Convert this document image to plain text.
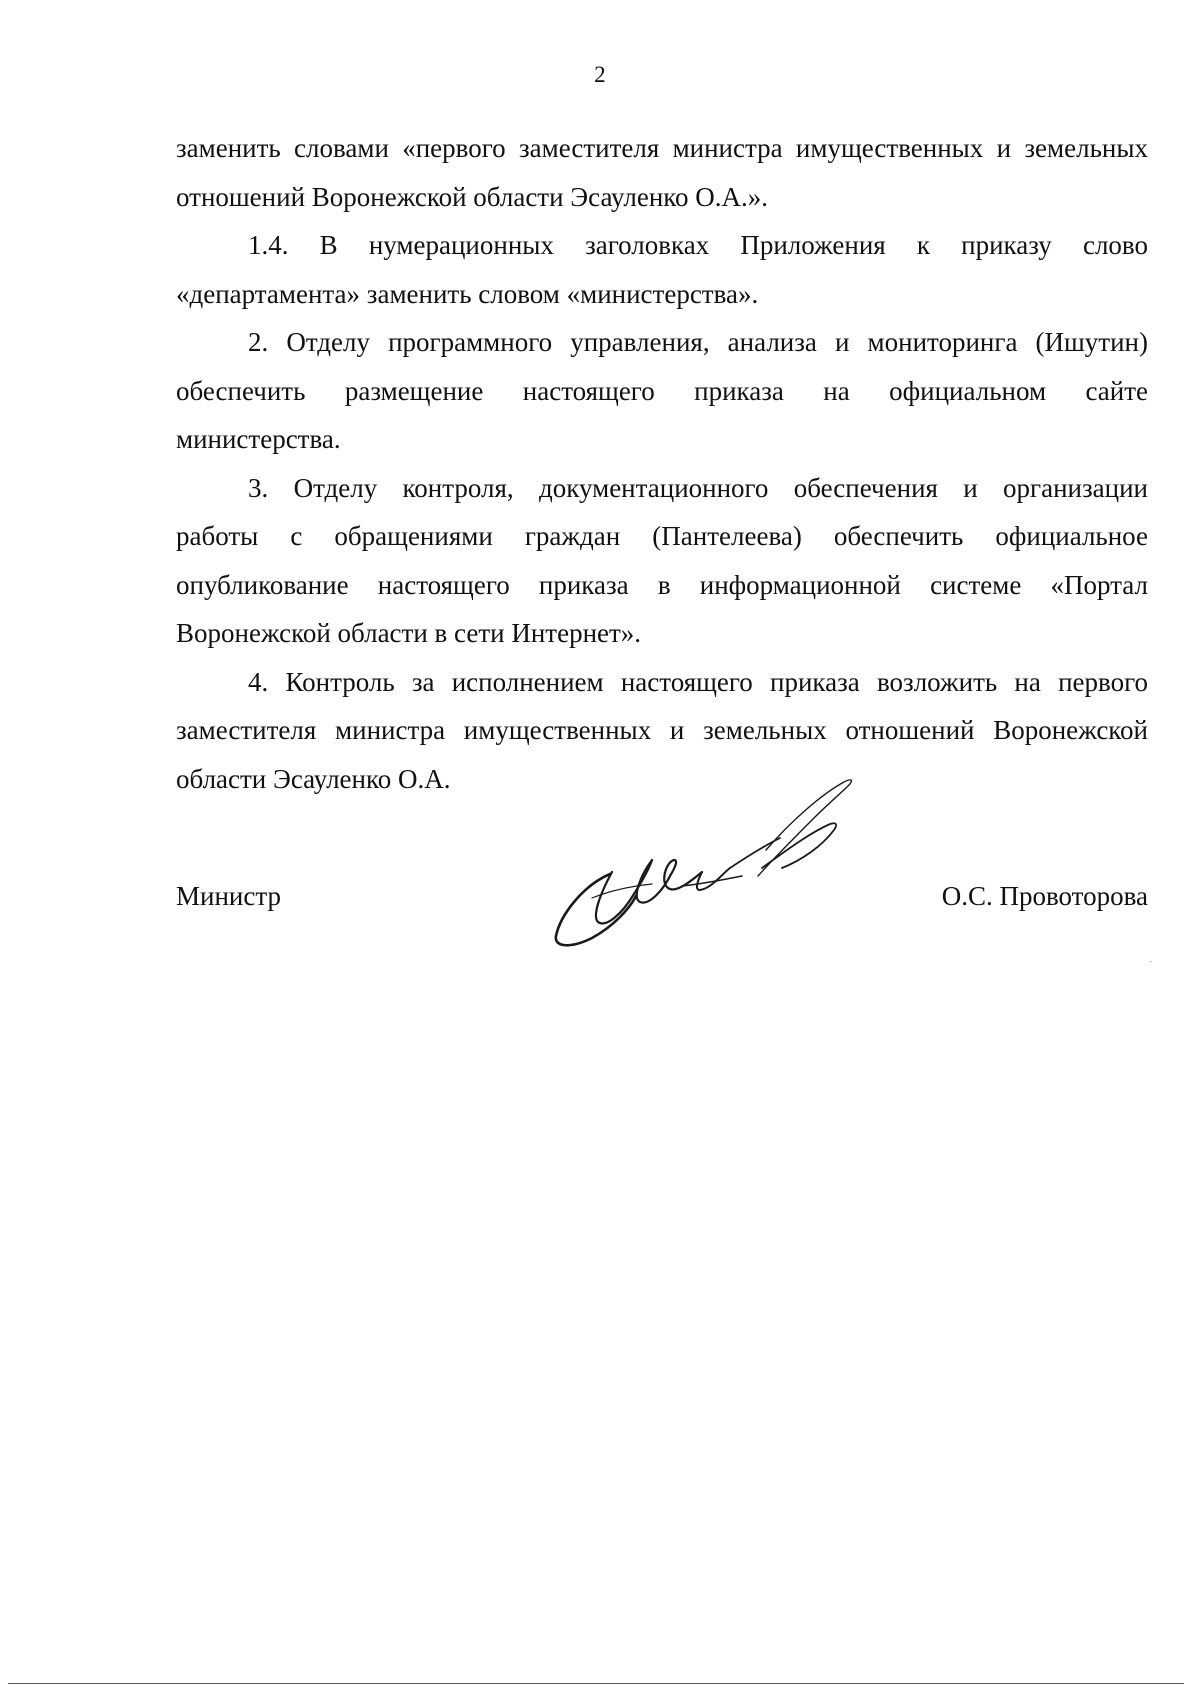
2

заменить словами «первого заместителя министра имущественных и земельных
отношений Воронежской области Эсауленко О.А.».

1.4. В нумерационных заголовках Приложения к приказу слово
«департамента» заменить словом «министерства».

2. Отделу программного управления, анализа и мониторинга (Ишутин)
обеспечить размещение настоящего приказа на официальном сайте
министерства.

3. Отделу контроля, документационного обеспечения и организации
работы с обращениями граждан (Пантелеева) обеспечить официальное
опубликование настоящего приказа в информационной системе «Портал
Воронежской области в сети Интернет».

4. Контроль за исполнением настоящего приказа возложить на первого
заместителя министра имущественных и земельных отношений Воронежской
области Эсауленко О.А.

Министр	О.С. Провоторова
